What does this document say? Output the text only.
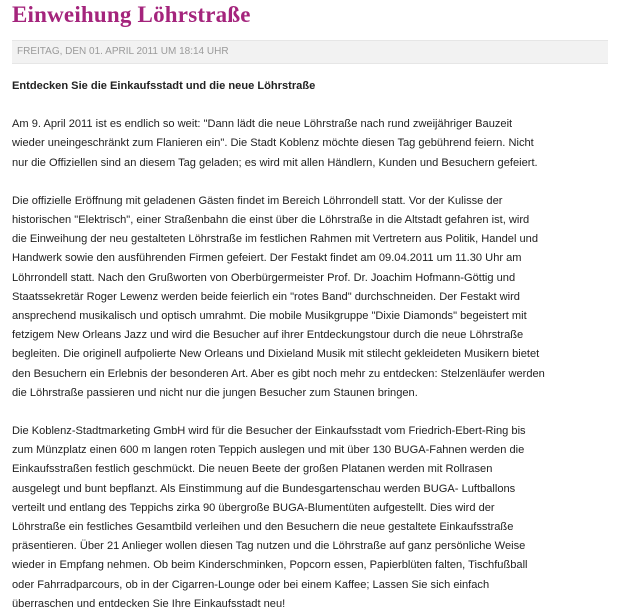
Einweihung Löhrstraße
FREITAG, DEN 01. APRIL 2011 UM 18:14 UHR

Entdecken Sie die Einkaufsstadt und die neue Löhrstraße

Am 9. April 2011 ist es endlich so weit: "Dann lädt die neue Löhrstraße nach rund zweijähriger Bauzeit
wieder uneingeschränkt zum Flanieren ein". Die Stadt Koblenz möchte diesen Tag gebührend feiern. Nicht
nur die Offiziellen sind an diesem Tag geladen; es wird mit allen Händlern, Kunden und Besuchern gefeiert.

Die offizielle Eröffnung mit geladenen Gästen findet im Bereich Löhrrondell statt. Vor der Kulisse der
historischen "Elektrisch", einer Straßenbahn die einst über die Löhrstraße in die Altstadt gefahren ist, wird
die Einweihung der neu gestalteten Löhrstraße im festlichen Rahmen mit Vertretern aus Politik, Handel und
Handwerk sowie den ausführenden Firmen gefeiert. Der Festakt findet am 09.04.2011 um 11.30 Uhr am
Löhrrondell statt. Nach den Grußworten von Oberbürgermeister Prof. Dr. Joachim Hofmann-Göttig und
Staatssekretär Roger Lewenz werden beide feierlich ein "rotes Band" durchschneiden. Der Festakt wird
ansprechend musikalisch und optisch umrahmt. Die mobile Musikgruppe "Dixie Diamonds" begeistert mit
fetzigem New Orleans Jazz und wird die Besucher auf ihrer Entdeckungstour durch die neue Löhrstraße
begleiten. Die originell aufpolierte New Orleans und Dixieland Musik mit stilecht gekleideten Musikern bietet
den Besuchern ein Erlebnis der besonderen Art. Aber es gibt noch mehr zu entdecken: Stelzenläufer werden
die Löhrstraße passieren und nicht nur die jungen Besucher zum Staunen bringen.

Die Koblenz-Stadtmarketing GmbH wird für die Besucher der Einkaufsstadt vom Friedrich-Ebert-Ring bis
zum Münzplatz einen 600 m langen roten Teppich auslegen und mit über 130 BUGA-Fahnen werden die
Einkaufsstraßen festlich geschmückt. Die neuen Beete der großen Platanen werden mit Rollrasen
ausgelegt und bunt bepflanzt. Als Einstimmung auf die Bundesgartenschau werden BUGA- Luftballons
verteilt und entlang des Teppichs zirka 90 übergroße BUGA-Blumentüten aufgestellt. Dies wird der
Löhrstraße ein festliches Gesamtbild verleihen und den Besuchern die neue gestaltete Einkaufsstraße
präsentieren. Über 21 Anlieger wollen diesen Tag nutzen und die Löhrstraße auf ganz persönliche Weise
wieder in Empfang nehmen. Ob beim Kinderschminken, Popcorn essen, Papierblüten falten, Tischfußball
oder Fahrradparcours, ob in der Cigarren-Lounge oder bei einem Kaffee; Lassen Sie sich einfach
überraschen und entdecken Sie Ihre Einkaufsstadt neu!
